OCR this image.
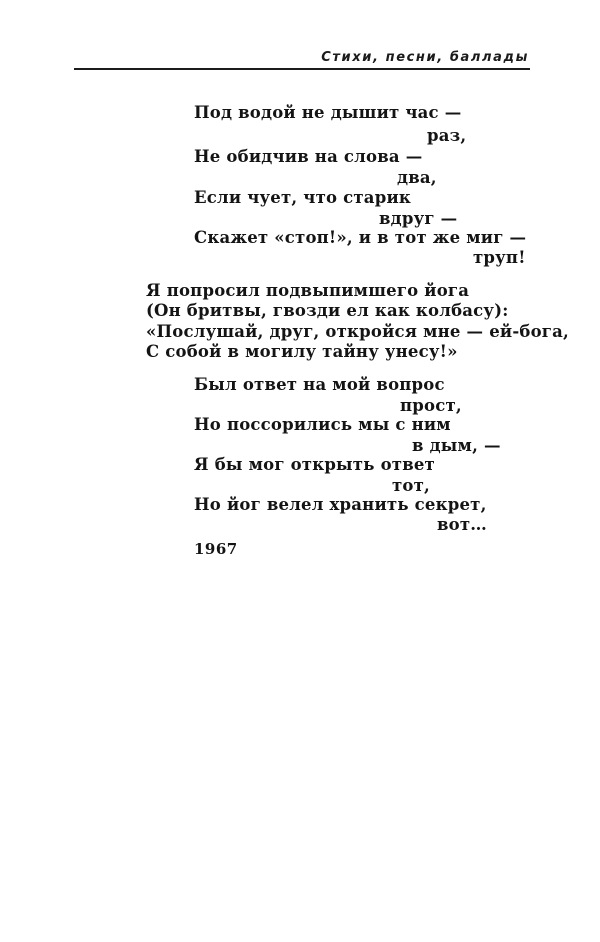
Стихи, песни, баллады
Под водой не дышит час —
раз,
Не обидчив на слова —
два,
Если чует, что старик
вдруг —
Скажет «стоп!», и в тот же миг —
труп!
Я попросил подвыпимшего йога
(Он бритвы, гвозди ел как колбасу):
«Послушай, друг, откройся мне — ей-бога,
С собой в могилу тайну унесу!»
Был ответ на мой вопрос
прост,
Но поссорились мы с ним
в дым, —
Я бы мог открыть ответ
тот,
Но йог велел хранить секрет,
вот…
1967
